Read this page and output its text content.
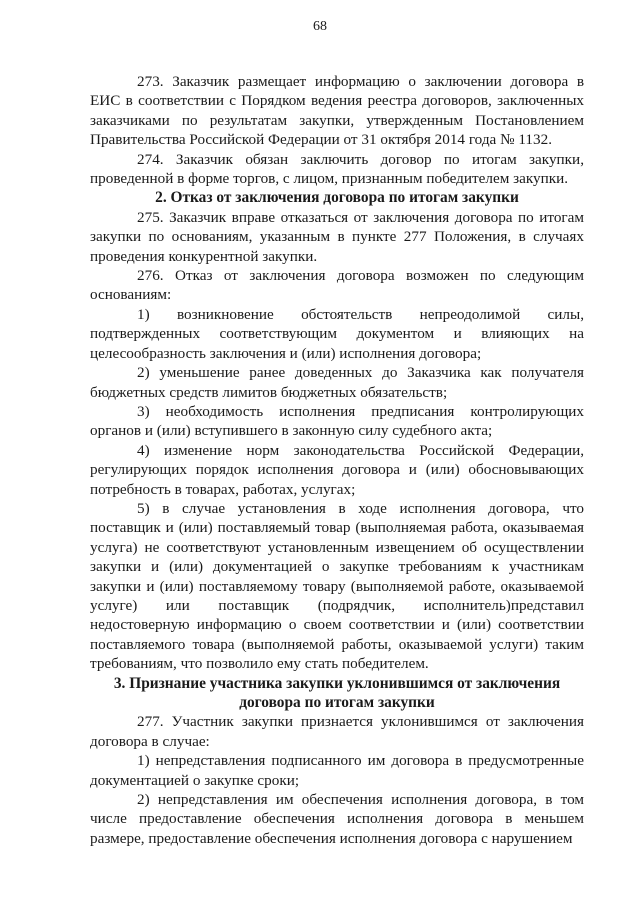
68

273. Заказчик размещает информацию о заключении договора в ЕИС в соответствии с Порядком ведения реестра договоров, заключенных заказчиками по результатам закупки, утвержденным Постановлением Правительства Российской Федерации от 31 октября 2014 года № 1132.

274. Заказчик обязан заключить договор по итогам закупки, проведенной в форме торгов, с лицом, признанным победителем закупки.

2. Отказ от заключения договора по итогам закупки

275. Заказчик вправе отказаться от заключения договора по итогам закупки по основаниям, указанным в пункте 277 Положения, в случаях проведения конкурентной закупки.

276. Отказ от заключения договора возможен по следующим основаниям:

1) возникновение обстоятельств непреодолимой силы, подтвержденных соответствующим документом и влияющих на целесообразность заключения и (или) исполнения договора;

2) уменьшение ранее доведенных до Заказчика как получателя бюджетных средств лимитов бюджетных обязательств;

3) необходимость исполнения предписания контролирующих органов и (или) вступившего в законную силу судебного акта;

4) изменение норм законодательства Российской Федерации, регулирующих порядок исполнения договора и (или) обосновывающих потребность в товарах, работах, услугах;

5) в случае установления в ходе исполнения договора, что поставщик и (или) поставляемый товар (выполняемая работа, оказываемая услуга) не соответствуют установленным извещением об осуществлении закупки и (или) документацией о закупке требованиям к участникам закупки и (или) поставляемому товару (выполняемой работе, оказываемой услуге) или поставщик (подрядчик, исполнитель)представил недостоверную информацию о своем соответствии и (или) соответствии поставляемого товара (выполняемой работы, оказываемой услуги) таким требованиям, что позволило ему стать победителем.

3. Признание участника закупки уклонившимся от заключения договора по итогам закупки

277. Участник закупки признается уклонившимся от заключения договора в случае:

1) непредставления подписанного им договора в предусмотренные документацией о закупке сроки;

2) непредставления им обеспечения исполнения договора, в том числе предоставление обеспечения исполнения договора в меньшем размере, предоставление обеспечения исполнения договора с нарушением
